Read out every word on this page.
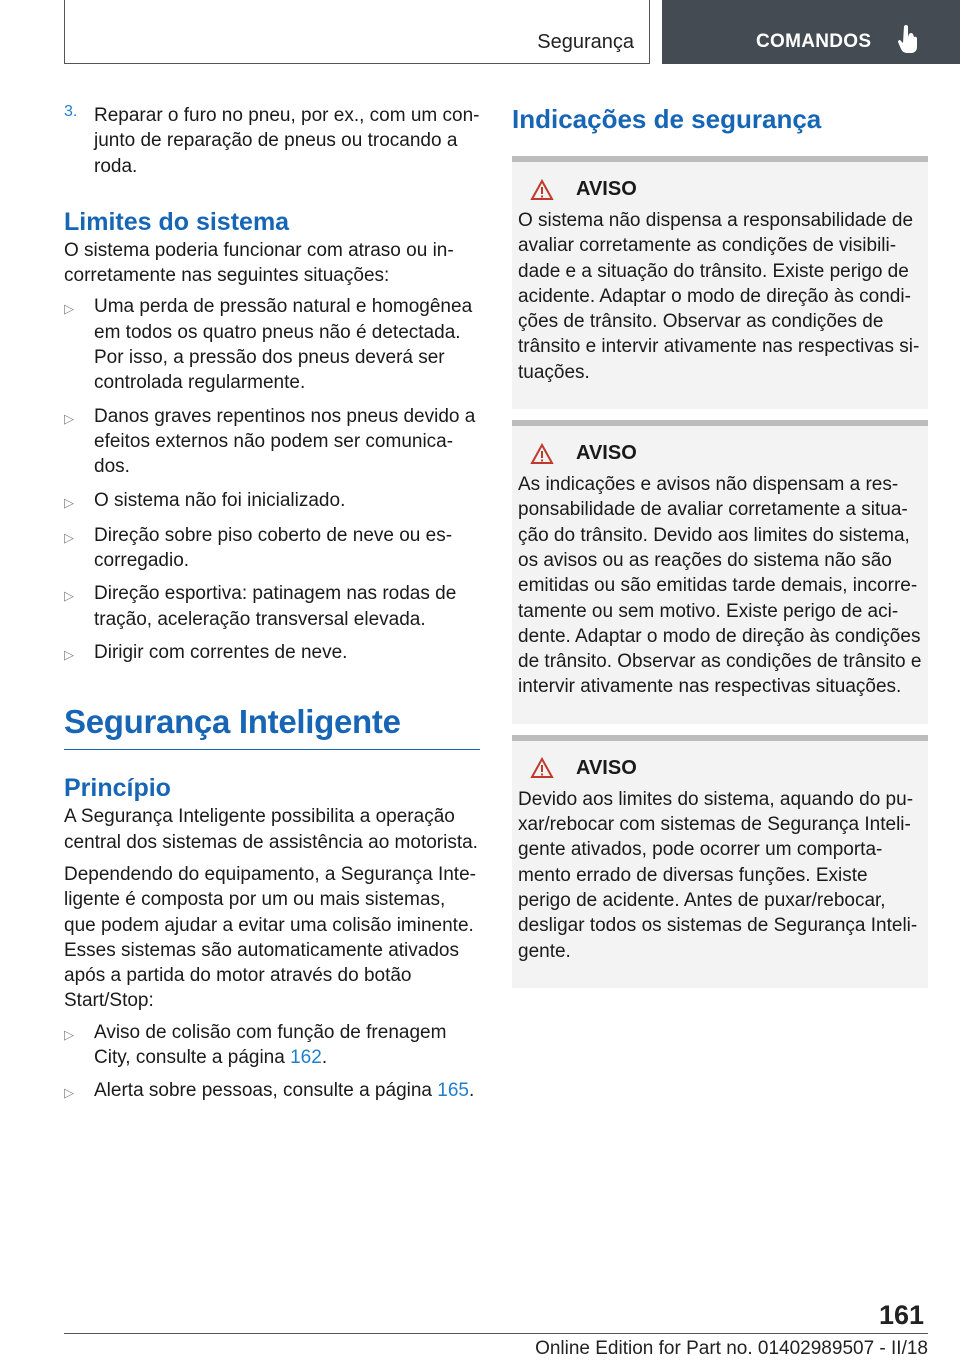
Segurança	COMANDOS
3. Reparar o furo no pneu, por ex., com um conjunto de reparação de pneus ou trocando a roda.

Limites do sistema

O sistema poderia funcionar com atraso ou incorretamente nas seguintes situações:

▷	Uma perda de pressão natural e homogênea em todos os quatro pneus não é detectada. Por isso, a pressão dos pneus deverá ser controlada regularmente.
▷	Danos graves repentinos nos pneus devido a efeitos externos não podem ser comunicados.
▷	O sistema não foi inicializado.
▷	Direção sobre piso coberto de neve ou escorregadio.
▷	Direção esportiva: patinagem nas rodas de tração, aceleração transversal elevada.
▷	Dirigir com correntes de neve.
Segurança Inteligente
Princípio

A Segurança Inteligente possibilita a operação central dos sistemas de assistência ao motorista.

Dependendo do equipamento, a Segurança Inteligente é composta por um ou mais sistemas, que podem ajudar a evitar uma colisão iminente. Esses sistemas são automaticamente ativados após a partida do motor através do botão Start/Stop:

▷	Aviso de colisão com função de frenagem City, consulte a página 162.
▷	Alerta sobre pessoas, consulte a página 165.
Indicações de segurança
AVISO

O sistema não dispensa a responsabilidade de avaliar corretamente as condições de visibilidade e a situação do trânsito. Existe perigo de acidente. Adaptar o modo de direção às condições de trânsito. Observar as condições de trânsito e intervir ativamente nas respectivas situações.

AVISO

As indicações e avisos não dispensam a responsabilidade de avaliar corretamente a situação do trânsito. Devido aos limites do sistema, os avisos ou as reações do sistema não são emitidas ou são emitidas tarde demais, incorretamente ou sem motivo. Existe perigo de acidente. Adaptar o modo de direção às condições de trânsito. Observar as condições de trânsito e intervir ativamente nas respectivas situações.

AVISO

Devido aos limites do sistema, aquando do puxar/rebocar com sistemas de Segurança Inteligente ativados, pode ocorrer um comportamento errado de diversas funções. Existe perigo de acidente. Antes de puxar/rebocar, desligar todos os sistemas de Segurança Inteligente.

161
Online Edition for Part no. 01402989507 - II/18
